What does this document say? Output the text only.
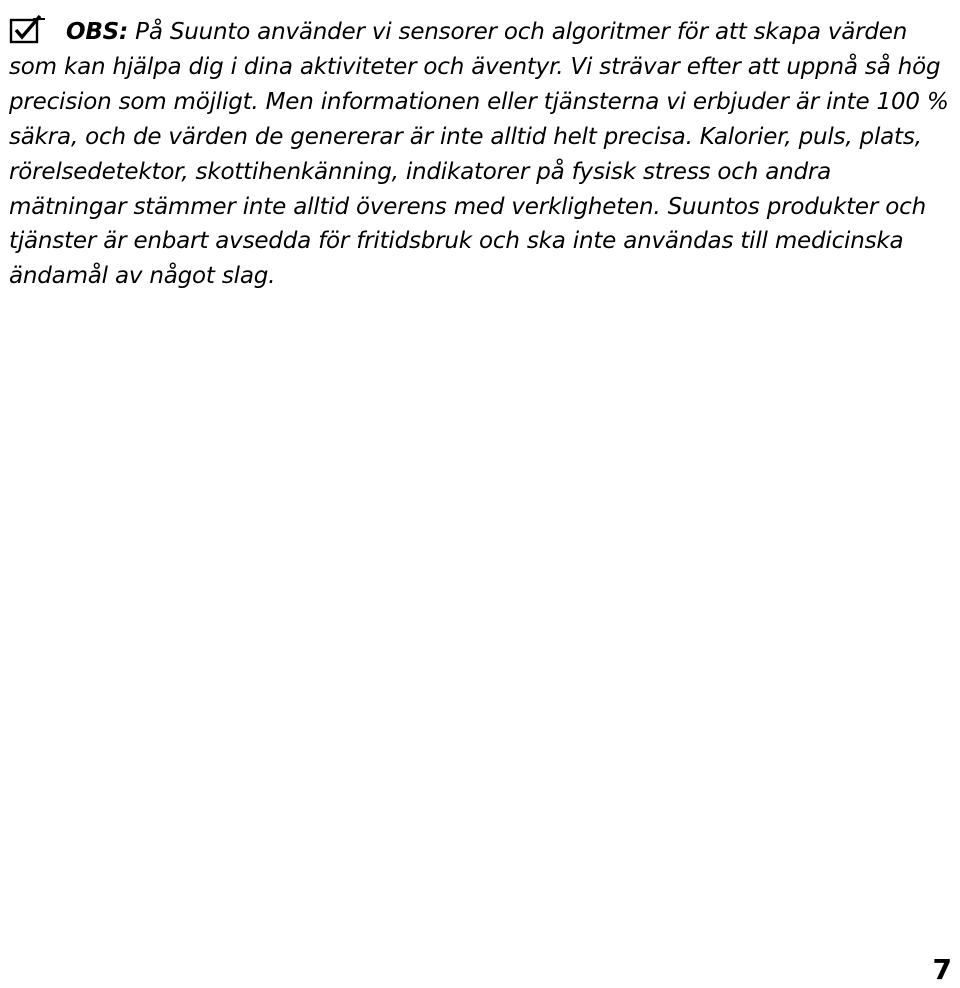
OBS: På Suunto använder vi sensorer och algoritmer för att skapa värden som kan hjälpa dig i dina aktiviteter och äventyr. Vi strävar efter att uppnå så hög precision som möjligt. Men informationen eller tjänsterna vi erbjuder är inte 100 % säkra, och de värden de genererar är inte alltid helt precisa. Kalorier, puls, plats, rörelsedetektor, skottihenkänning, indikatorer på fysisk stress och andra mätningar stämmer inte alltid överens med verkligheten. Suuntos produkter och tjänster är enbart avsedda för fritidsbruk och ska inte användas till medicinska ändamål av något slag.

7
